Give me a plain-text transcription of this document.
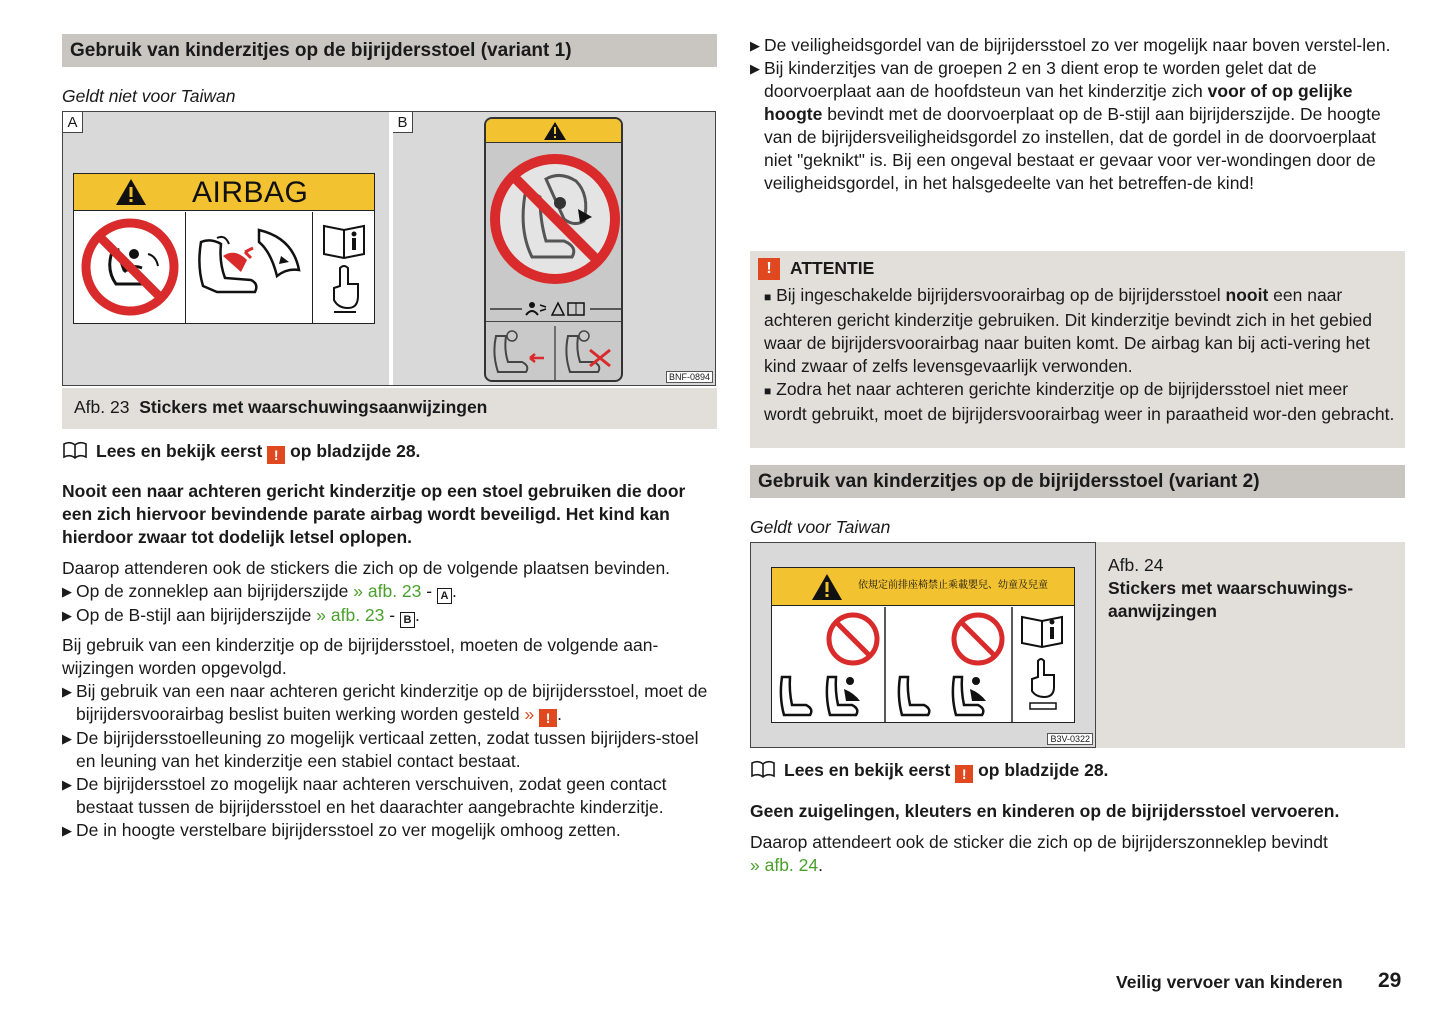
Gebruik van kinderzitjes op de bijrijdersstoel (variant 1)
Geldt niet voor Taiwan
A	B
AIRBAG
BNF-0894
Afb. 23 Stickers met waarschuwingsaanwijzingen
Lees en bekijk eerst ! op bladzijde 28.
Nooit een naar achteren gericht kinderzitje op een stoel gebruiken die door een zich hiervoor bevindende parate airbag wordt beveiligd. Het kind kan hierdoor zwaar tot dodelijk letsel oplopen.
Daarop attenderen ook de stickers die zich op de volgende plaatsen bevinden.
▶ Op de zonneklep aan bijrijderszijde » afb. 23 - A .
▶ Op de B-stijl aan bijrijderszijde » afb. 23 - B .
Bij gebruik van een kinderzitje op de bijrijdersstoel, moeten de volgende aan-wijzingen worden opgevolgd.
▶ Bij gebruik van een naar achteren gericht kinderzitje op de bijrijdersstoel, moet de bijrijdersvoorairbag beslist buiten werking worden gesteld » ! .
▶ De bijrijdersstoelleuning zo mogelijk verticaal zetten, zodat tussen bijrijders-stoel en leuning van het kinderzitje een stabiel contact bestaat.
▶ De bijrijdersstoel zo mogelijk naar achteren verschuiven, zodat geen contact bestaat tussen de bijrijdersstoel en het daarachter aangebrachte kinderzitje.
▶ De in hoogte verstelbare bijrijdersstoel zo ver mogelijk omhoog zetten.
▶ De veiligheidsgordel van de bijrijdersstoel zo ver mogelijk naar boven verstel-len.
▶ Bij kinderzitjes van de groepen 2 en 3 dient erop te worden gelet dat de doorvoerplaat aan de hoofdsteun van het kinderzitje zich voor of op gelijke hoogte bevindt met de doorvoerplaat op de B-stijl aan bijrijderszijde. De hoogte van de bijrijdersveiligheidsgordel zo instellen, dat de gordel in de doorvoerplaat niet "geknikt" is. Bij een ongeval bestaat er gevaar voor ver-wondingen door de veiligheidsgordel, in het halsgedeelte van het betreffen-de kind!
!	ATTENTIE
■ Bij ingeschakelde bijrijdersvoorairbag op de bijrijdersstoel nooit een naar achteren gericht kinderzitje gebruiken. Dit kinderzitje bevindt zich in het gebied waar de bijrijdersvoorairbag naar buiten komt. De airbag kan bij acti-vering het kind zwaar of zelfs levensgevaarlijk verwonden.
■ Zodra het naar achteren gerichte kinderzitje op de bijrijdersstoel niet meer wordt gebruikt, moet de bijrijdersvoorairbag weer in paraatheid wor-den gebracht.
Gebruik van kinderzitjes op de bijrijdersstoel (variant 2)
Geldt voor Taiwan
依規定前排座椅禁止乘載嬰兒、幼童及兒童
B3V-0322
Afb. 24
Stickers met waarschuwings-aanwijzingen
Lees en bekijk eerst ! op bladzijde 28.
Geen zuigelingen, kleuters en kinderen op de bijrijdersstoel vervoeren.
Daarop attendeert ook de sticker die zich op de bijrijderszonneklep bevindt
» afb. 24.
Veilig vervoer van kinderen 29
